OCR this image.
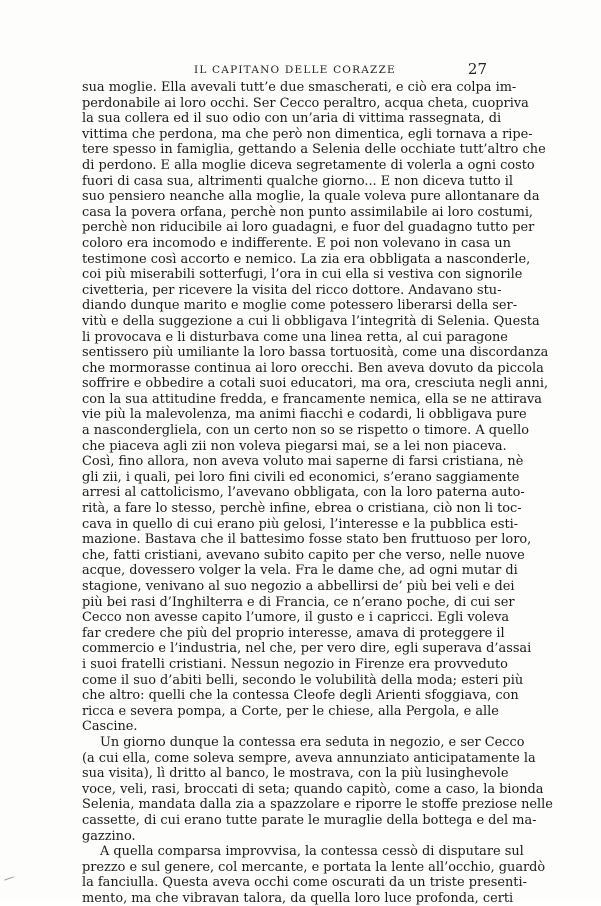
IL CAPITANO DELLE CORAZZE	27
sua moglie. Ella avevali tutt’e due smascherati, e ciò era colpa im-
perdonabile ai loro occhi. Ser Cecco peraltro, acqua cheta, cuopriva
la sua collera ed il suo odio con un’aria di vittima rassegnata, di
vittima che perdona, ma che però non dimentica, egli tornava a ripe-
tere spesso in famiglia, gettando a Selenia delle occhiate tutt’altro che
di perdono. E alla moglie diceva segretamente di volerla a ogni costo
fuori di casa sua, altrimenti qualche giorno... E non diceva tutto il
suo pensiero neanche alla moglie, la quale voleva pure allontanare da
casa la povera orfana, perchè non punto assimilabile ai loro costumi,
perchè non riducibile ai loro guadagni, e fuor del guadagno tutto per
coloro era incomodo e indifferente. E poi non volevano in casa un
testimone così accorto e nemico. La zia era obbligata a nasconderle,
coi più miserabili sotterfugi, l’ora in cui ella si vestiva con signorile
civetteria, per ricevere la visita del ricco dottore. Andavano stu-
diando dunque marito e moglie come potessero liberarsi della ser-
vitù e della suggezione a cui li obbligava l’integrità di Selenia. Questa
li provocava e li disturbava come una linea retta, al cui paragone
sentissero più umiliante la loro bassa tortuosità, come una discordanza
che mormorasse continua ai loro orecchi. Ben aveva dovuto da piccola
soffrire e obbedire a cotali suoi educatori, ma ora, cresciuta negli anni,
con la sua attitudine fredda, e francamente nemica, ella se ne attirava
vie più la malevolenza, ma animi fiacchi e codardi, li obbligava pure
a nascondergliela, con un certo non so se rispetto o timore. A quello
che piaceva agli zii non voleva piegarsi mai, se a lei non piaceva.
Così, fino allora, non aveva voluto mai saperne di farsi cristiana, nè
gli zii, i quali, pei loro fini civili ed economici, s’erano saggiamente
arresi al cattolicismo, l’avevano obbligata, con la loro paterna auto-
rità, a fare lo stesso, perchè infine, ebrea o cristiana, ciò non li toc-
cava in quello di cui erano più gelosi, l’interesse e la pubblica esti-
mazione. Bastava che il battesimo fosse stato ben fruttuoso per loro,
che, fatti cristiani, avevano subito capito per che verso, nelle nuove
acque, dovessero volger la vela. Fra le dame che, ad ogni mutar di
stagione, venivano al suo negozio a abbellirsi de’ più bei veli e dei
più bei rasi d’Inghilterra e di Francia, ce n’erano poche, di cui ser
Cecco non avesse capito l’umore, il gusto e i capricci. Egli voleva
far credere che più del proprio interesse, amava di proteggere il
commercio e l’industria, nel che, per vero dire, egli superava d’assai
i suoi fratelli cristiani. Nessun negozio in Firenze era provveduto
come il suo d’abiti belli, secondo le volubilità della moda; esteri più
che altro: quelli che la contessa Cleofe degli Arienti sfoggiava, con
ricca e severa pompa, a Corte, per le chiese, alla Pergola, e alle
Cascine.
Un giorno dunque la contessa era seduta in negozio, e ser Cecco
(a cui ella, come soleva sempre, aveva annunziato anticipatamente la
sua visita), lì dritto al banco, le mostrava, con la più lusinghevole
voce, veli, rasi, broccati di seta; quando capitò, come a caso, la bionda
Selenia, mandata dalla zia a spazzolare e riporre le stoffe preziose nelle
cassette, di cui erano tutte parate le muraglie della bottega e del ma-
gazzino.
A quella comparsa improvvisa, la contessa cessò di disputare sul
prezzo e sul genere, col mercante, e portata la lente all’occhio, guardò
la fanciulla. Questa aveva occhi come oscurati da un triste presenti-
mento, ma che vibravan talora, da quella loro luce profonda, certi
